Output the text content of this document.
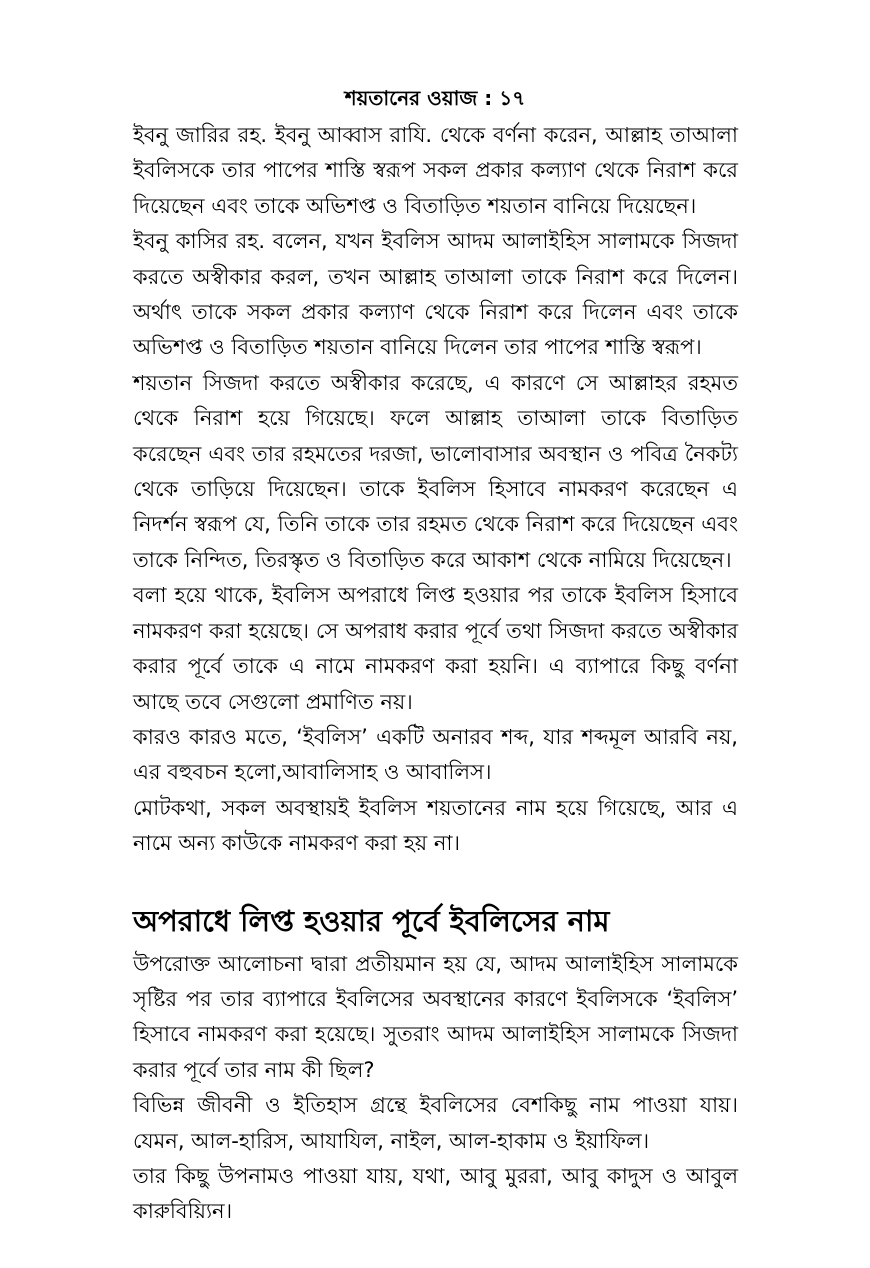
শয়তানের ওয়াজ : ১৭

ইবনু জারির রহ. ইবনু আব্বাস রাযি. থেকে বর্ণনা করেন, আল্লাহ তাআলা ইবলিসকে তার পাপের শাস্তি স্বরূপ সকল প্রকার কল্যাণ থেকে নিরাশ করে দিয়েছেন এবং তাকে অভিশপ্ত ও বিতাড়িত শয়তান বানিয়ে দিয়েছেন।

ইবনু কাসির রহ. বলেন, যখন ইবলিস আদম আলাইহিস সালামকে সিজদা করতে অস্বীকার করল, তখন আল্লাহ তাআলা তাকে নিরাশ করে দিলেন। অর্থাৎ তাকে সকল প্রকার কল্যাণ থেকে নিরাশ করে দিলেন এবং তাকে অভিশপ্ত ও বিতাড়িত শয়তান বানিয়ে দিলেন তার পাপের শাস্তি স্বরূপ।

শয়তান সিজদা করতে অস্বীকার করেছে, এ কারণে সে আল্লাহর রহমত থেকে নিরাশ হয়ে গিয়েছে। ফলে আল্লাহ তাআলা তাকে বিতাড়িত করেছেন এবং তার রহমতের দরজা, ভালোবাসার অবস্থান ও পবিত্র নৈকট্য থেকে তাড়িয়ে দিয়েছেন। তাকে ইবলিস হিসাবে নামকরণ করেছেন এ নিদর্শন স্বরূপ যে, তিনি তাকে তার রহমত থেকে নিরাশ করে দিয়েছেন এবং তাকে নিন্দিত, তিরস্কৃত ও বিতাড়িত করে আকাশ থেকে নামিয়ে দিয়েছেন।

বলা হয়ে থাকে, ইবলিস অপরাধে লিপ্ত হওয়ার পর তাকে ইবলিস হিসাবে নামকরণ করা হয়েছে। সে অপরাধ করার পূর্বে তথা সিজদা করতে অস্বীকার করার পূর্বে তাকে এ নামে নামকরণ করা হয়নি। এ ব্যাপারে কিছু বর্ণনা আছে তবে সেগুলো প্রমাণিত নয়।

কারও কারও মতে, ‘ইবলিস’ একটি অনারব শব্দ, যার শব্দমূল আরবি নয়, এর বহুবচন হলো,আবালিসাহ ও আবালিস।

মোটকথা, সকল অবস্থায়ই ইবলিস শয়তানের নাম হয়ে গিয়েছে, আর এ নামে অন্য কাউকে নামকরণ করা হয় না।

অপরাধে লিপ্ত হওয়ার পূর্বে ইবলিসের নাম

উপরোক্ত আলোচনা দ্বারা প্রতীয়মান হয় যে, আদম আলাইহিস সালামকে সৃষ্টির পর তার ব্যাপারে ইবলিসের অবস্থানের কারণে ইবলিসকে ‘ইবলিস’ হিসাবে নামকরণ করা হয়েছে। সুতরাং আদম আলাইহিস সালামকে সিজদা করার পূর্বে তার নাম কী ছিল?

বিভিন্ন জীবনী ও ইতিহাস গ্রন্থে ইবলিসের বেশকিছু নাম পাওয়া যায়। যেমন, আল-হারিস, আযাযিল, নাইল, আল-হাকাম ও ইয়াফিল।

তার কিছু উপনামও পাওয়া যায়, যথা, আবু মুররা, আবু কাদুস ও আবুল কারুবিয়্যিন।
